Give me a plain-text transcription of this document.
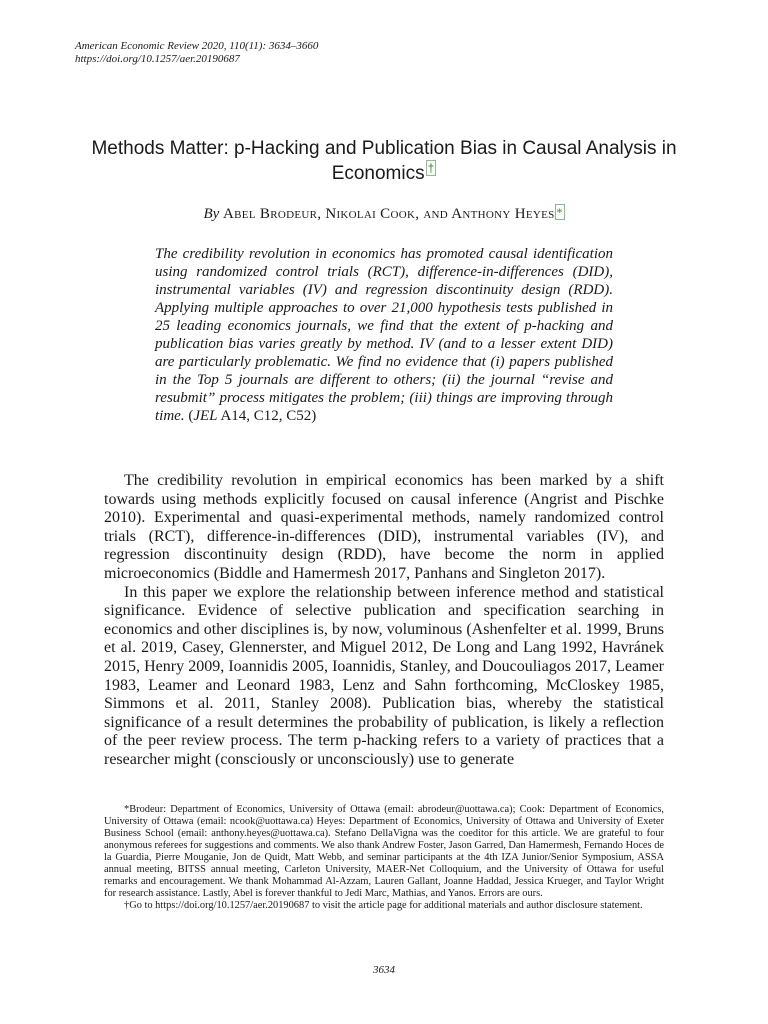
American Economic Review 2020, 110(11): 3634–3660
https://doi.org/10.1257/aer.20190687
Methods Matter: p-Hacking and Publication Bias in Causal Analysis in Economics †
By Abel Brodeur, Nikolai Cook, and Anthony Heyes *
The credibility revolution in economics has promoted causal identification using randomized control trials (RCT), difference-in-differences (DID), instrumental variables (IV) and regression discontinuity design (RDD). Applying multiple approaches to over 21,000 hypothesis tests published in 25 leading economics journals, we find that the extent of p-hacking and publication bias varies greatly by method. IV (and to a lesser extent DID) are particularly problematic. We find no evidence that (i) papers published in the Top 5 journals are different to others; (ii) the journal “revise and resubmit” process mitigates the problem; (iii) things are improving through time. (JEL A14, C12, C52)

The credibility revolution in empirical economics has been marked by a shift towards using methods explicitly focused on causal inference (Angrist and Pischke 2010). Experimental and quasi-experimental methods, namely randomized control trials (RCT), difference-in-differences (DID), instrumental variables (IV), and regression discontinuity design (RDD), have become the norm in applied microeconomics (Biddle and Hamermesh 2017, Panhans and Singleton 2017).

In this paper we explore the relationship between inference method and statistical significance. Evidence of selective publication and specification searching in economics and other disciplines is, by now, voluminous (Ashenfelter et al. 1999, Bruns et al. 2019, Casey, Glennerster, and Miguel 2012, De Long and Lang 1992, Havránek 2015, Henry 2009, Ioannidis 2005, Ioannidis, Stanley, and Doucouliagos 2017, Leamer 1983, Leamer and Leonard 1983, Lenz and Sahn forthcoming, McCloskey 1985, Simmons et al. 2011, Stanley 2008). Publication bias, whereby the statistical significance of a result determines the probability of publication, is likely a reflection of the peer review process. The term p-hacking refers to a variety of practices that a researcher might (consciously or unconsciously) use to generate

*Brodeur: Department of Economics, University of Ottawa (email: abrodeur@uottawa.ca); Cook: Department of Economics, University of Ottawa (email: ncook@uottawa.ca) Heyes: Department of Economics, University of Ottawa and University of Exeter Business School (email: anthony.heyes@uottawa.ca). Stefano DellaVigna was the coeditor for this article. We are grateful to four anonymous referees for suggestions and comments. We also thank Andrew Foster, Jason Garred, Dan Hamermesh, Fernando Hoces de la Guardia, Pierre Mouganie, Jon de Quidt, Matt Webb, and seminar participants at the 4th IZA Junior/Senior Symposium, ASSA annual meeting, BITSS annual meeting, Carleton University, MAER-Net Colloquium, and the University of Ottawa for useful remarks and encouragement. We thank Mohammad Al-Azzam, Lauren Gallant, Joanne Haddad, Jessica Krueger, and Taylor Wright for research assistance. Lastly, Abel is forever thankful to Jedi Marc, Mathias, and Yanos. Errors are ours.

†Go to https://doi.org/10.1257/aer.20190687 to visit the article page for additional materials and author disclosure statement.

3634
